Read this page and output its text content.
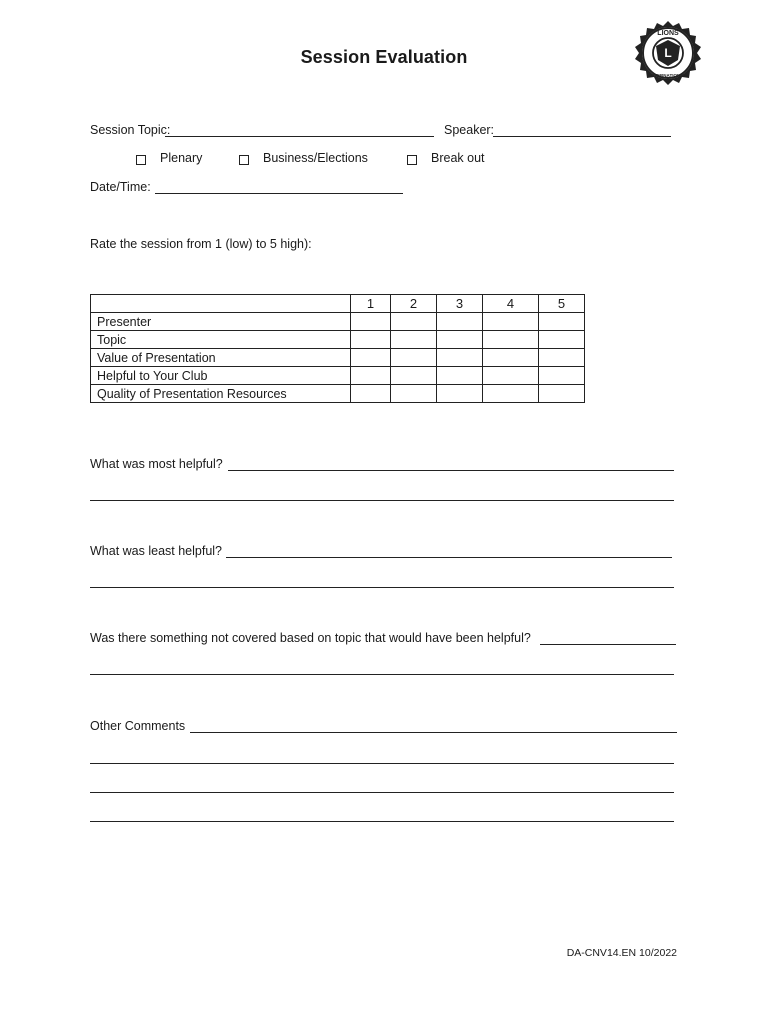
Session Evaluation	L
LIONS
INTERNATIONAL
Session Topic:	Speaker:
Plenary	Business/Elections	Break out
Date/Time:
Rate the session from 1 (low) to 5 high):
	1	2	3	4	5
Presenter					
Topic					
Value of Presentation					
Helpful to Your Club					
Quality of Presentation Resources					
What was most helpful?
What was least helpful?
Was there something not covered based on topic that would have been helpful?
Other Comments
DA-CNV14.EN 10/2022
